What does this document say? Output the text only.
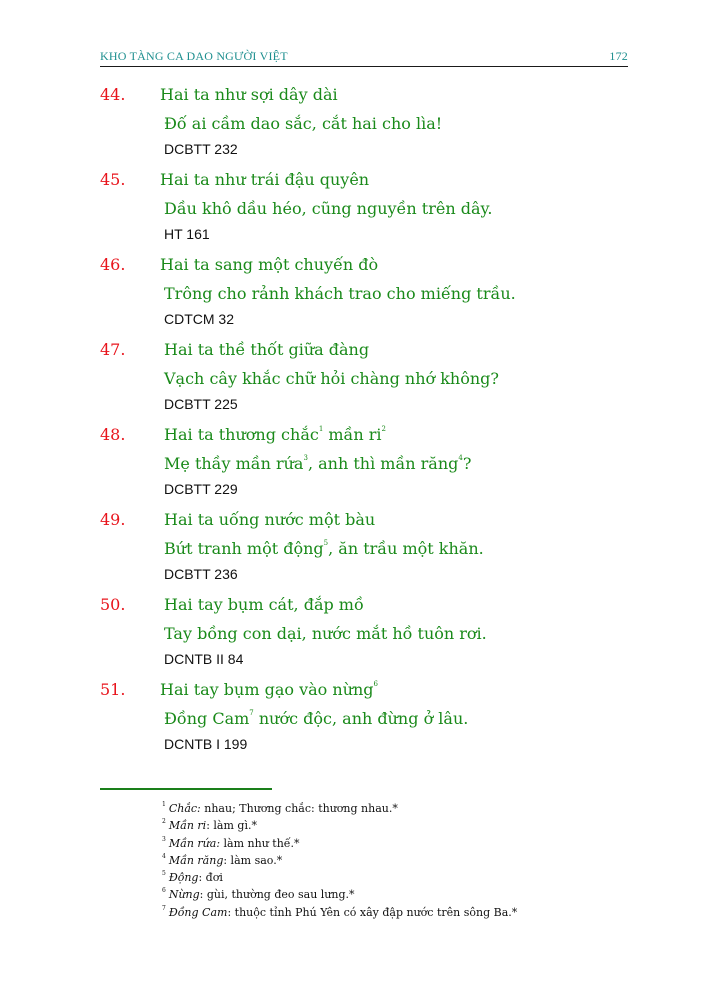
KHO TÀNG CA DAO NGƯỜI VIỆT	172
44. Hai ta như sợi dây dài
Đố ai cầm dao sắc, cắt hai cho lìa!
DCBTT 232
45. Hai ta như trái đậu quyên
Dầu khô dầu héo, cũng nguyền trên dây.
HT 161
46. Hai ta sang một chuyến đò
Trông cho rảnh khách trao cho miếng trầu.
CDTCM 32
47. Hai ta thề thốt giữa đàng
Vạch cây khắc chữ hỏi chàng nhớ không?
DCBTT 225
48. Hai ta thương chắc$^1$ mần $ri^2$
Mẹ thầy mần rứa$^3$, anh thì mần răng$^4$?
DCBTT 229
49. Hai ta uống nước một bàu
Bứt tranh một động$^5$, ăn trầu một khăn.
DCBTT 236
50. Hai tay bụm cát, đắp mồ
Tay bồng con dại, nước mắt hồ tuôn rơi.
DCNTB II 84
51. Hai tay bụm gạo vào nừng$^6$
Đồng Cam$^7$ nước độc, anh đừng ở lâu.
DCNTB I 199
$^1$ Chắc: nhau; Thương chắc: thương nhau.*
$^2$ Mần ri: làm gì.*
$^3$ Mần rứa: làm như thế.*
$^4$ Mần răng: làm sao.*
$^5$ Động: đơi
$^6$ Nừng: gùi, thường đeo sau lưng.*
$^7$ Đồng Cam: thuộc tỉnh Phú Yên có xây đập nước trên sông Ba.*
